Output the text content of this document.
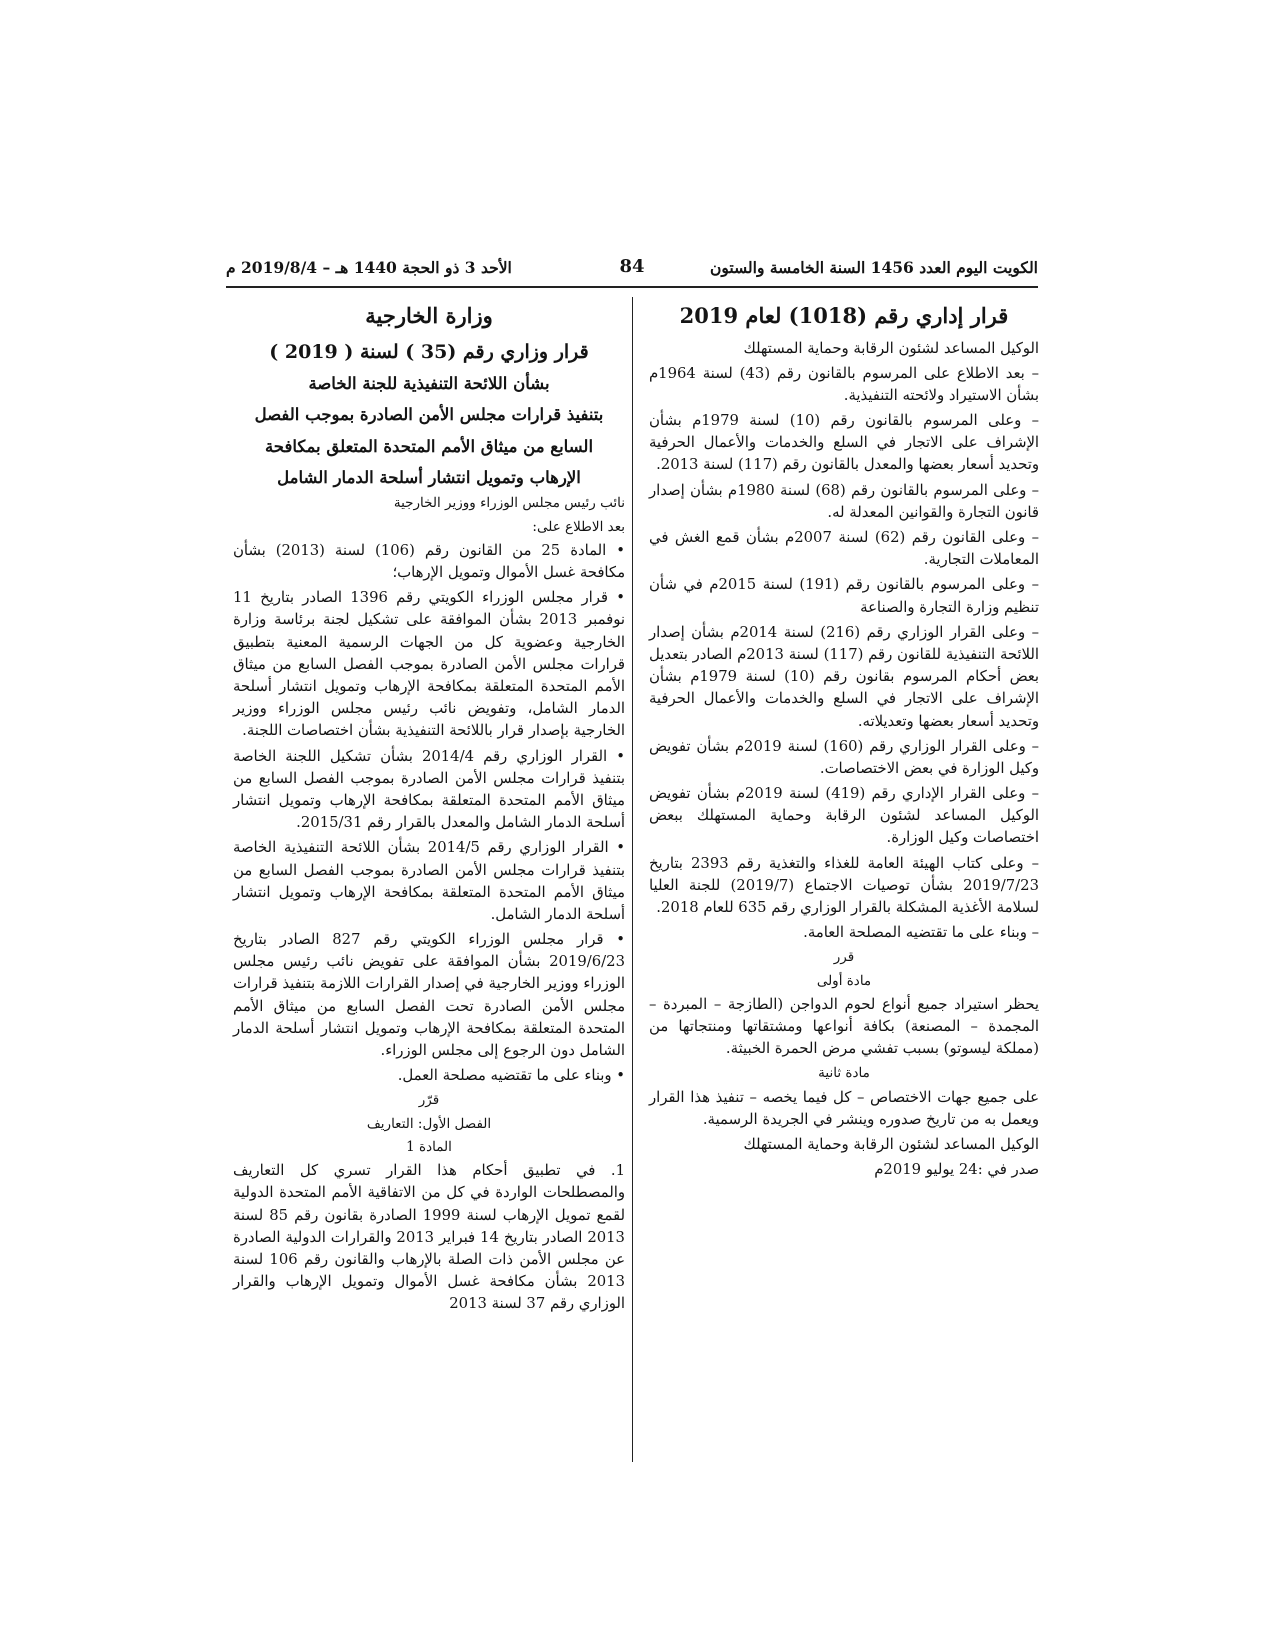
الكويت اليوم العدد 1456 السنة الخامسة والستون
84
الأحد 3 ذو الحجة 1440 هـ – 2019/8/4 م

قرار إداري رقم (1018) لعام 2019

الوكيل المساعد لشئون الرقابة وحماية المستهلك

– بعد الاطلاع على المرسوم بالقانون رقم (43) لسنة 1964م بشأن الاستيراد ولائحته التنفيذية.

– وعلى المرسوم بالقانون رقم (10) لسنة 1979م بشأن الإشراف على الاتجار في السلع والخدمات والأعمال الحرفية وتحديد أسعار بعضها والمعدل بالقانون رقم (117) لسنة 2013.

– وعلى المرسوم بالقانون رقم (68) لسنة 1980م بشأن إصدار قانون التجارة والقوانين المعدلة له.

– وعلى القانون رقم (62) لسنة 2007م بشأن قمع الغش في المعاملات التجارية.

– وعلى المرسوم بالقانون رقم (191) لسنة 2015م في شأن تنظيم وزارة التجارة والصناعة

– وعلى القرار الوزاري رقم (216) لسنة 2014م بشأن إصدار اللائحة التنفيذية للقانون رقم (117) لسنة 2013م الصادر بتعديل بعض أحكام المرسوم بقانون رقم (10) لسنة 1979م بشأن الإشراف على الاتجار في السلع والخدمات والأعمال الحرفية وتحديد أسعار بعضها وتعديلاته.

– وعلى القرار الوزاري رقم (160) لسنة 2019م بشأن تفويض وكيل الوزارة في بعض الاختصاصات.

– وعلى القرار الإداري رقم (419) لسنة 2019م بشأن تفويض الوكيل المساعد لشئون الرقابة وحماية المستهلك ببعض اختصاصات وكيل الوزارة.

– وعلى كتاب الهيئة العامة للغذاء والتغذية رقم 2393 بتاريخ 2019/7/23 بشأن توصيات الاجتماع (2019/7) للجنة العليا لسلامة الأغذية المشكلة بالقرار الوزاري رقم 635 للعام 2018.

– وبناء على ما تقتضيه المصلحة العامة.

قرر

مادة أولى

يحظر استيراد جميع أنواع لحوم الدواجن (الطازجة – المبردة – المجمدة – المصنعة) بكافة أنواعها ومشتقاتها ومنتجاتها من (مملكة ليسوتو) بسبب تفشي مرض الحمرة الخبيثة.

مادة ثانية

على جميع جهات الاختصاص – كل فيما يخصه – تنفيذ هذا القرار ويعمل به من تاريخ صدوره وينشر في الجريدة الرسمية.

الوكيل المساعد لشئون الرقابة وحماية المستهلك

صدر في :24 يوليو 2019م

وزارة الخارجية

قرار وزاري رقم (35 ) لسنة ( 2019 )

بشأن اللائحة التنفيذية للجنة الخاصة

بتنفيذ قرارات مجلس الأمن الصادرة بموجب الفصل

السابع من ميثاق الأمم المتحدة المتعلق بمكافحة

الإرهاب وتمويل انتشار أسلحة الدمار الشامل

نائب رئيس مجلس الوزراء ووزير الخارجية

بعد الاطلاع على:

• المادة 25 من القانون رقم (106) لسنة (2013) بشأن مكافحة غسل الأموال وتمويل الإرهاب؛

• قرار مجلس الوزراء الكويتي رقم 1396 الصادر بتاريخ 11 نوفمبر 2013 بشأن الموافقة على تشكيل لجنة برئاسة وزارة الخارجية وعضوية كل من الجهات الرسمية المعنية بتطبيق قرارات مجلس الأمن الصادرة بموجب الفصل السابع من ميثاق الأمم المتحدة المتعلقة بمكافحة الإرهاب وتمويل انتشار أسلحة الدمار الشامل، وتفويض نائب رئيس مجلس الوزراء ووزير الخارجية بإصدار قرار باللائحة التنفيذية بشأن اختصاصات اللجنة.

• القرار الوزاري رقم 2014/4 بشأن تشكيل اللجنة الخاصة بتنفيذ قرارات مجلس الأمن الصادرة بموجب الفصل السابع من ميثاق الأمم المتحدة المتعلقة بمكافحة الإرهاب وتمويل انتشار أسلحة الدمار الشامل والمعدل بالقرار رقم 2015/31.

• القرار الوزاري رقم 2014/5 بشأن اللائحة التنفيذية الخاصة بتنفيذ قرارات مجلس الأمن الصادرة بموجب الفصل السابع من ميثاق الأمم المتحدة المتعلقة بمكافحة الإرهاب وتمويل انتشار أسلحة الدمار الشامل.

• قرار مجلس الوزراء الكويتي رقم 827 الصادر بتاريخ 2019/6/23 بشأن الموافقة على تفويض نائب رئيس مجلس الوزراء ووزير الخارجية في إصدار القرارات اللازمة بتنفيذ قرارات مجلس الأمن الصادرة تحت الفصل السابع من ميثاق الأمم المتحدة المتعلقة بمكافحة الإرهاب وتمويل انتشار أسلحة الدمار الشامل دون الرجوع إلى مجلس الوزراء.

• وبناء على ما تقتضيه مصلحة العمل.

قرّر

الفصل الأول: التعاريف

المادة 1

1. في تطبيق أحكام هذا القرار تسري كل التعاريف والمصطلحات الواردة في كل من الاتفاقية الأمم المتحدة الدولية لقمع تمويل الإرهاب لسنة 1999 الصادرة بقانون رقم 85 لسنة 2013 الصادر بتاريخ 14 فبراير 2013 والقرارات الدولية الصادرة عن مجلس الأمن ذات الصلة بالإرهاب والقانون رقم 106 لسنة 2013 بشأن مكافحة غسل الأموال وتمويل الإرهاب والقرار الوزاري رقم 37 لسنة 2013
